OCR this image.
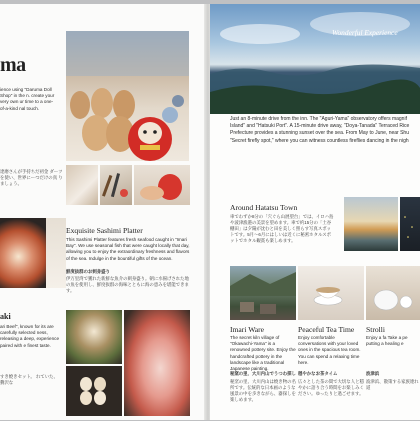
ma
ience using "Daruma Doll Shop" in the n. create your very own ur time to a one-of-a-kind nal touch.
達磨さんが手持ちだ初金 ダーツを使い、世界にーつだけの真 りましょう。
Exquisite Sashimi Platter
This Sashimi Platter features fresh seafood caught in "Imari Bay". We use seasonal fish that were caught locally that day, allowing you to enjoy the extraordinary freshness and flavors of the sea. Indulge in the bountiful gifts of the ocean.
鮮度抜群のお刺身盛り
伊万里湾で獲れた新鮮な魚介の刺身盛り。朝に水揚げされた地の魚を使用し、鮮度抜群の海味とともに海の恵みを堪能できます。
aki
ari Beef", known for its are carefully selected ness, releasing a deep, experience paired with e finest taste.
すき焼きセット。 れていた、贅沢な
Wonderful Experience
Just an 8-minute drive from the inn. The "Aguri-Yama" observatory offers magnif Island" and "Hatsuki Port". A 15-minute drive away, "Doya-Tanada" Terraced Rice Prefecture provides a stunning sunset over the sea. From May to June, near Shu "Secret firefly spot," where you can witness countless fireflies dancing in the nigh
Around Hatatsu Town
車でわずか8分の「穴ぐら山展望台」では、イロハ島や波津漁港の美景を望めます。車で約15分の「土谷棚田」は夕陽が沈むと田を美しく照らす写真スポットです。5月〜6月にはしいは近くに秘密ホタルスポットでホタル観賞も楽しめます。
Imari Ware
The secret kiln village of "Okawachi-Yama" is a renowned pottery site. Enjoy the handcrafted pottery in the landscape like a traditional Japanese painting.
秘窯の里、大川内山でうつわ探し
秘窯の里、大川内山は焼き物の名所です。伝統的な日本画のような風景の中を歩きながら、器探しを楽しめます。
Peaceful Tea Time
Enjoy comfortable conversations with your loved ones in the spacious tea room. You can spend a relaxing time here.
穏やかなお茶タイム
広々とした茶の間で大切な人と穏やかに語り合う時間をお楽しみください。ゆったりと過ごせます。
Strolli
Enjoy a fa Take a pe putting a healing e
波津浜
波津浜、散策する家族連れ道
